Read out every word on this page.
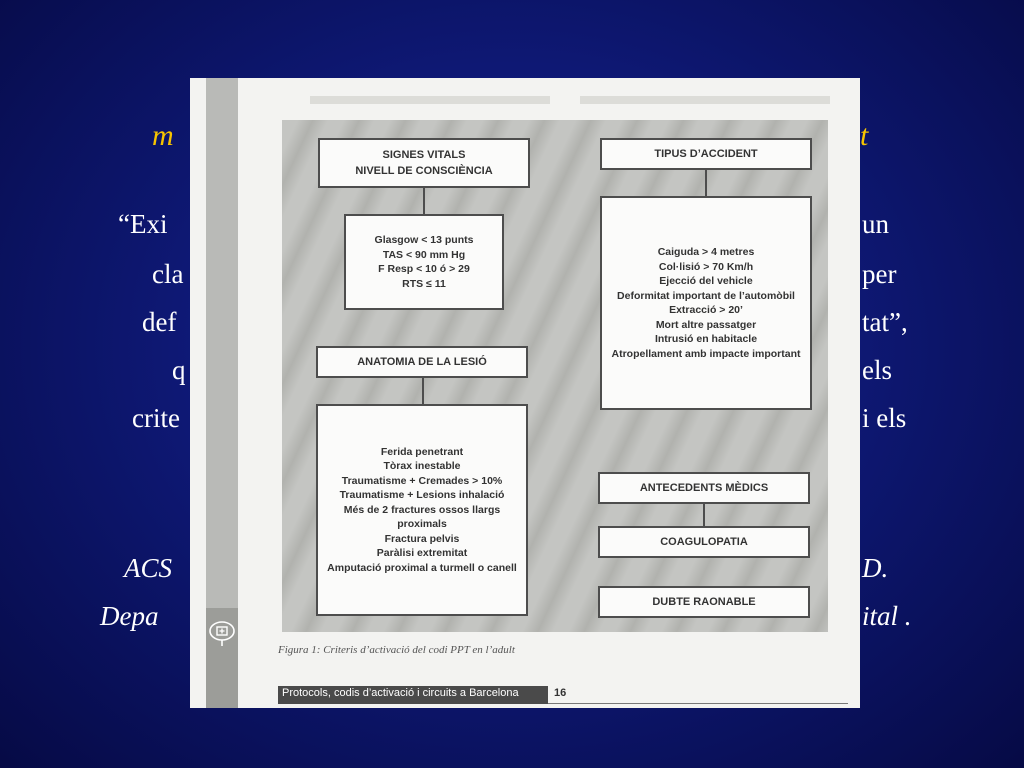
m	t
“Exi	un
cla	per
def	tat”,
q	els
crite	i els
ACS	D.
Depa	ital .
SIGNES VITALS
NIVELL DE CONSCIÈNCIA
Glasgow < 13 punts
TAS < 90 mm Hg
F Resp < 10 ó > 29
RTS ≤ 11
ANATOMIA DE LA LESIÓ
Ferida penetrant
Tòrax inestable
Traumatisme + Cremades > 10%
Traumatisme + Lesions inhalació
Més de 2 fractures ossos llargs proximals
Fractura pelvis
Paràlisi extremitat
Amputació proximal a turmell o canell
TIPUS D’ACCIDENT
Caiguda > 4 metres
Col·lisió > 70 Km/h
Ejecció del vehicle
Deformitat important de l’automòbil
Extracció > 20’
Mort altre passatger
Intrusió en habitacle
Atropellament amb impacte important
ANTECEDENTS MÈDICS
COAGULOPATIA
DUBTE RAONABLE
Figura 1: Criteris d’activació del codi PPT en l’adult
Protocols, codis d’activació i circuits a Barcelona	16
